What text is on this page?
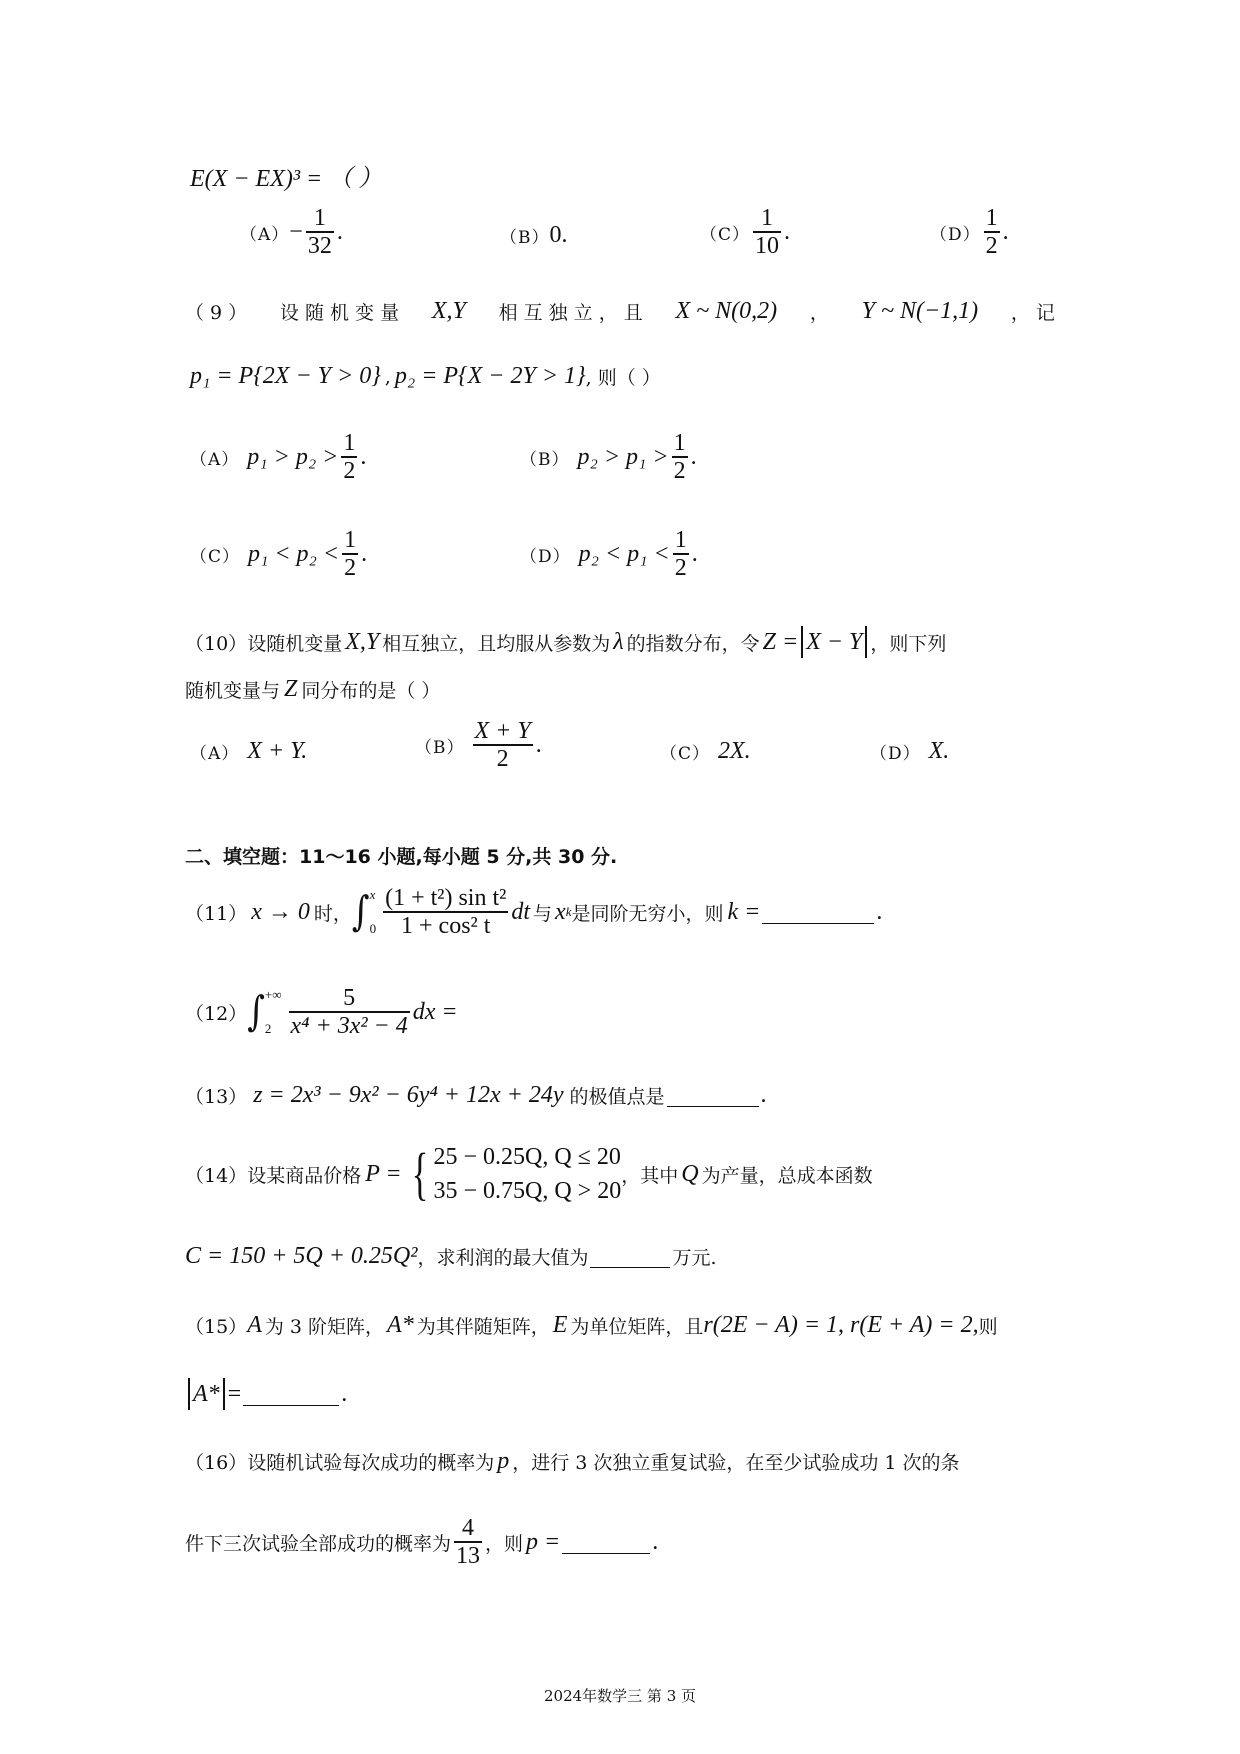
E(X − EX)³ = （ ）
$(A) - \frac{1}{32}$ .	（B） 0 .	$(C) \frac{1}{10}$ .	$(D) \frac{1}{2}$ .
（ 9 ） 设 随 机 变 量 X,Y 相 互 独 立 ， 且 X ~ N(0,2) ， Y ~ N(−1,1) ， 记
p₁ = P{2X − Y > 0} , p₂ = P{X − 2Y > 1} , 则（ ）
（A） $p_1 > p_2 > \frac{1}{2}$ .	（B） $p_2 > p_1 > \frac{1}{2}$ .
（C） $p_1 < p_2 < \frac{1}{2}$ .	（D） $p_2 < p_1 < \frac{1}{2}$ .
（10） 设随机变量 X,Y 相互独立，且均服从参数为 λ 的指数分布，令 Z = X − Y ，则下列
随机变量与 Z 同分布的是（ ）
（A） X + Y.	$(B) \frac{X + Y}{2}$ .	（C） 2X.	（D） X.
二、填空题：11～16 小题,每小题 5 分,共 30 分.
（11） x → 0 时， ∫ x
$0 \frac{\text{(1 + t²) sin t²}}{\text{1 + cos² t}}$ dt 与 x k 是同阶无穷小，则 k =	.
（12） ∫ +∞
$2 \frac{5}{\text{x⁴ + 3x² − 4}}$ dx =
（13） z = 2x³ − 9x² − 6y⁴ + 12x + 24y 的极值点是	.
（14） 设某商品价格 P = { 25 − 0.25Q, Q ≤ 20
35 − 0.75Q, Q > 20
，其中 Q 为产量，总成本函数
C = 150 + 5Q + 0.25Q² ，求利润的最大值为	万元.
（15） A 为 3 阶矩阵， A* 为其伴随矩阵， E 为单位矩阵，且 r(2E − A) = 1, r(E + A) = 2, 则
A* =	.
（16） 设随机试验每次成功的概率为 p ，进行 3 次独立重复试验，在至少试验成功 1 次的条
件下三次试验全部成功的概率为 $\frac{4}{13}$ ，则 p =	.
2024年数学三 第 3 页
